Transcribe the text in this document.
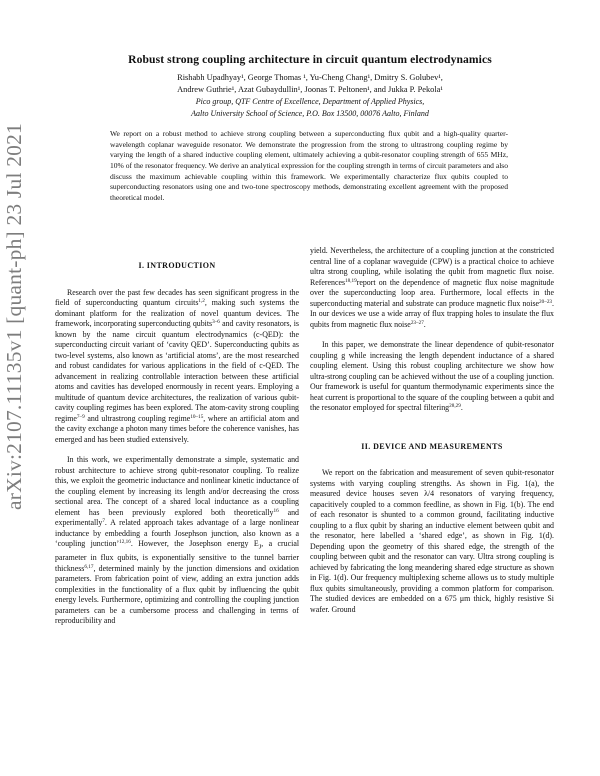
arXiv:2107.11135v1 [quant-ph] 23 Jul 2021
Robust strong coupling architecture in circuit quantum electrodynamics
Rishabh Upadhyay¹, George Thomas ¹, Yu-Cheng Chang¹, Dmitry S. Golubev¹,
Andrew Guthrie¹, Azat Gubaydullin¹, Joonas T. Peltonen¹, and Jukka P. Pekola¹
Pico group, QTF Centre of Excellence, Department of Applied Physics,
Aalto University School of Science, P.O. Box 13500, 00076 Aalto, Finland
We report on a robust method to achieve strong coupling between a superconducting flux qubit and a high-quality quarter-wavelength coplanar waveguide resonator. We demonstrate the progression from the strong to ultrastrong coupling regime by varying the length of a shared inductive coupling element, ultimately achieving a qubit-resonator coupling strength of 655 MHz, 10% of the resonator frequency. We derive an analytical expression for the coupling strength in terms of circuit parameters and also discuss the maximum achievable coupling within this framework. We experimentally characterize flux qubits coupled to superconducting resonators using one and two-tone spectroscopy methods, demonstrating excellent agreement with the proposed theoretical model.
I. INTRODUCTION

Research over the past few decades has seen significant progress in the field of superconducting quantum circuits$^{1,2}$, making such systems the dominant platform for the realization of novel quantum devices. The framework, incorporating superconducting qubits$^{3-6}$ and cavity resonators, is known by the name circuit quantum electrodynamics (c-QED): the superconducting circuit variant of ‘cavity QED’. Superconducting qubits as two-level systems, also known as ‘artificial atoms’, are the most researched and robust candidates for various applications in the field of c-QED. The advancement in realizing controllable interaction between these artificial atoms and cavities has developed enormously in recent years. Employing a multitude of quantum device architectures, the realization of various qubit-cavity coupling regimes has been explored. The atom-cavity strong coupling regime$^{7-9}$ and ultrastrong coupling regime$^{10-15}$, where an artificial atom and the cavity exchange a photon many times before the coherence vanishes, has emerged and has been studied extensively.

In this work, we experimentally demonstrate a simple, systematic and robust architecture to achieve strong qubit-resonator coupling. To realize this, we exploit the geometric inductance and nonlinear kinetic inductance of the coupling element by increasing its length and/or decreasing the cross sectional area. The concept of a shared local inductance as a coupling element has been previously explored both theoretically$^{16}$ and experimentally$^7$. A related approach takes advantage of a large nonlinear inductance by embedding a fourth Josephson junction, also known as a ‘coupling junction’$^{12,16}$. However, the Josephson energy $E_J$, a crucial parameter in flux qubits, is exponentially sensitive to the tunnel barrier thickness$^{6,17}$, determined mainly by the junction dimensions and oxidation parameters. From fabrication point of view, adding an extra junction adds complexities in the functionality of a flux qubit by influencing the qubit energy levels. Furthermore, optimizing and controlling the coupling junction parameters can be a cumbersome process and challenging in terms of reproducibility and

yield. Nevertheless, the architecture of a coupling junction at the constricted central line of a coplanar waveguide (CPW) is a practical choice to achieve ultra strong coupling, while isolating the qubit from magnetic flux noise. References$^{18,19}$report on the dependence of magnetic flux noise magnitude over the superconducting loop area. Furthermore, local effects in the superconducting material and substrate can produce magnetic flux noise$^{20-23}$. In our devices we use a wide array of flux trapping holes to insulate the flux qubits from magnetic flux noise$^{23-27}$.

In this paper, we demonstrate the linear dependence of qubit-resonator coupling g while increasing the length dependent inductance of a shared coupling element. Using this robust coupling architecture we show how ultra-strong coupling can be achieved without the use of a coupling junction. Our framework is useful for quantum thermodynamic experiments since the heat current is proportional to the square of the coupling between a qubit and the resonator employed for spectral filtering$^{28,29}$.

II. DEVICE AND MEASUREMENTS

We report on the fabrication and measurement of seven qubit-resonator systems with varying coupling strengths. As shown in Fig. 1(a), the measured device houses seven λ/4 resonators of varying frequency, capacitively coupled to a common feedline, as shown in Fig. 1(b). The end of each resonator is shunted to a common ground, facilitating inductive coupling to a flux qubit by sharing an inductive element between qubit and the resonator, here labelled a ‘shared edge’, as shown in Fig. 1(d). Depending upon the geometry of this shared edge, the strength of the coupling between qubit and the resonator can vary. Ultra strong coupling is achieved by fabricating the long meandering shared edge structure as shown in Fig. 1(d). Our frequency multiplexing scheme allows us to study multiple flux qubits simultaneously, providing a common platform for comparison. The studied devices are embedded on a 675 μm thick, highly resistive Si wafer. Ground
